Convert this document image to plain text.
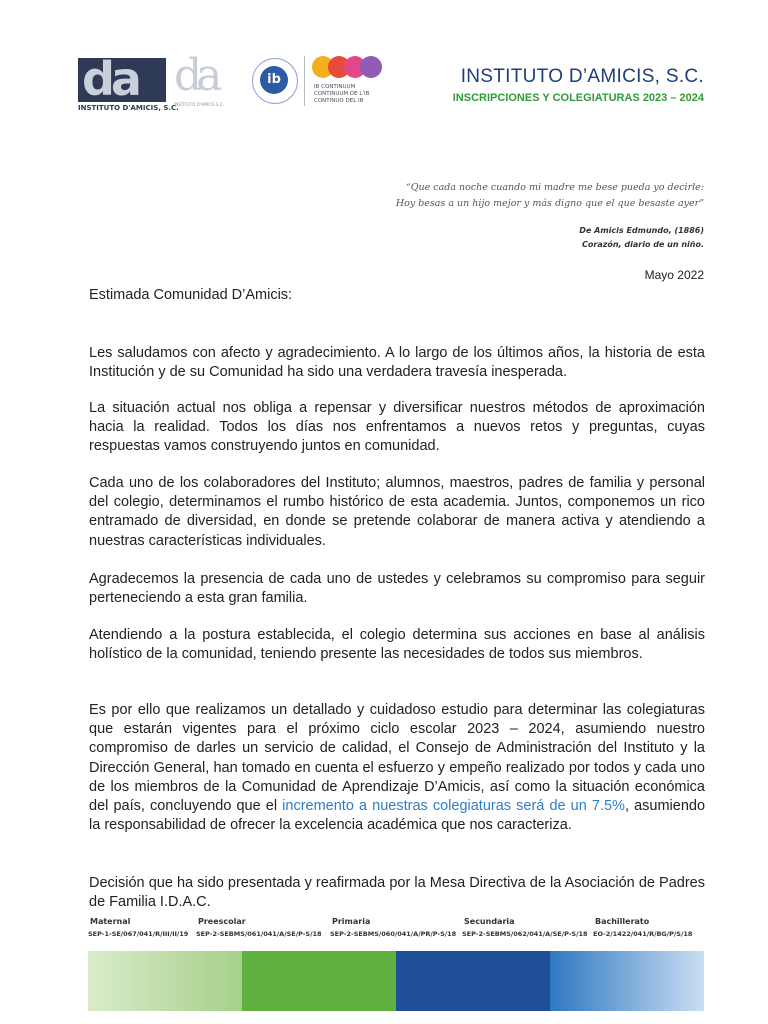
da
INSTITUTO D'AMICIS, S.C.
da
INSTITUTO D'AMICIS S.C.
ib	IB CONTINUUM
CONTINUUM DE L'IB
CONTINUO DEL IB
INSTITUTO D’AMICIS, S.C.
INSCRIPCIONES Y COLEGIATURAS 2023 – 2024
“Que cada noche cuando mi madre me bese pueda yo decirle:
Hoy besas a un hijo mejor y más digno que el que besaste ayer”
De Amicis Edmundo, (1886)
Corazón, diario de un niño.
Mayo 2022

Estimada Comunidad D’Amicis:

Les saludamos con afecto y agradecimiento. A lo largo de los últimos años, la historia de esta Institución y de su Comunidad ha sido una verdadera travesía inesperada.

La situación actual nos obliga a repensar y diversificar nuestros métodos de aproximación hacia la realidad. Todos los días nos enfrentamos a nuevos retos y preguntas, cuyas respuestas vamos construyendo juntos en comunidad.

Cada uno de los colaboradores del Instituto; alumnos, maestros, padres de familia y personal del colegio, determinamos el rumbo histórico de esta academia. Juntos, componemos un rico entramado de diversidad, en donde se pretende colaborar de manera activa y atendiendo a nuestras características individuales.

Agradecemos la presencia de cada uno de ustedes y celebramos su compromiso para seguir perteneciendo a esta gran familia.

Atendiendo a la postura establecida, el colegio determina sus acciones en base al análisis holístico de la comunidad, teniendo presente las necesidades de todos sus miembros.

Es por ello que realizamos un detallado y cuidadoso estudio para determinar las colegiaturas que estarán vigentes para el próximo ciclo escolar 2023 – 2024, asumiendo nuestro compromiso de darles un servicio de calidad, el Consejo de Administración del Instituto y la Dirección General, han tomado en cuenta el esfuerzo y empeño realizado por todos y cada uno de los miembros de la Comunidad de Aprendizaje D’Amicis, así como la situación económica del país, concluyendo que el incremento a nuestras colegiaturas será de un 7.5%, asumiendo la responsabilidad de ofrecer la excelencia académica que nos caracteriza.

Decisión que ha sido presentada y reafirmada por la Mesa Directiva de la Asociación de Padres de Familia I.D.A.C.

Maternal
SEP-1-SE/067/041/R/III/II/19
Preescolar
SEP-2-SEBMS/061/041/A/SE/P-S/18
Primaria
SEP-2-SEBMS/060/041/A/PR/P-S/18
Secundaria
SEP-2-SEBMS/062/041/A/SE/P-S/18
Bachillerato
EO-2/1422/041/R/BG/P/S/18
